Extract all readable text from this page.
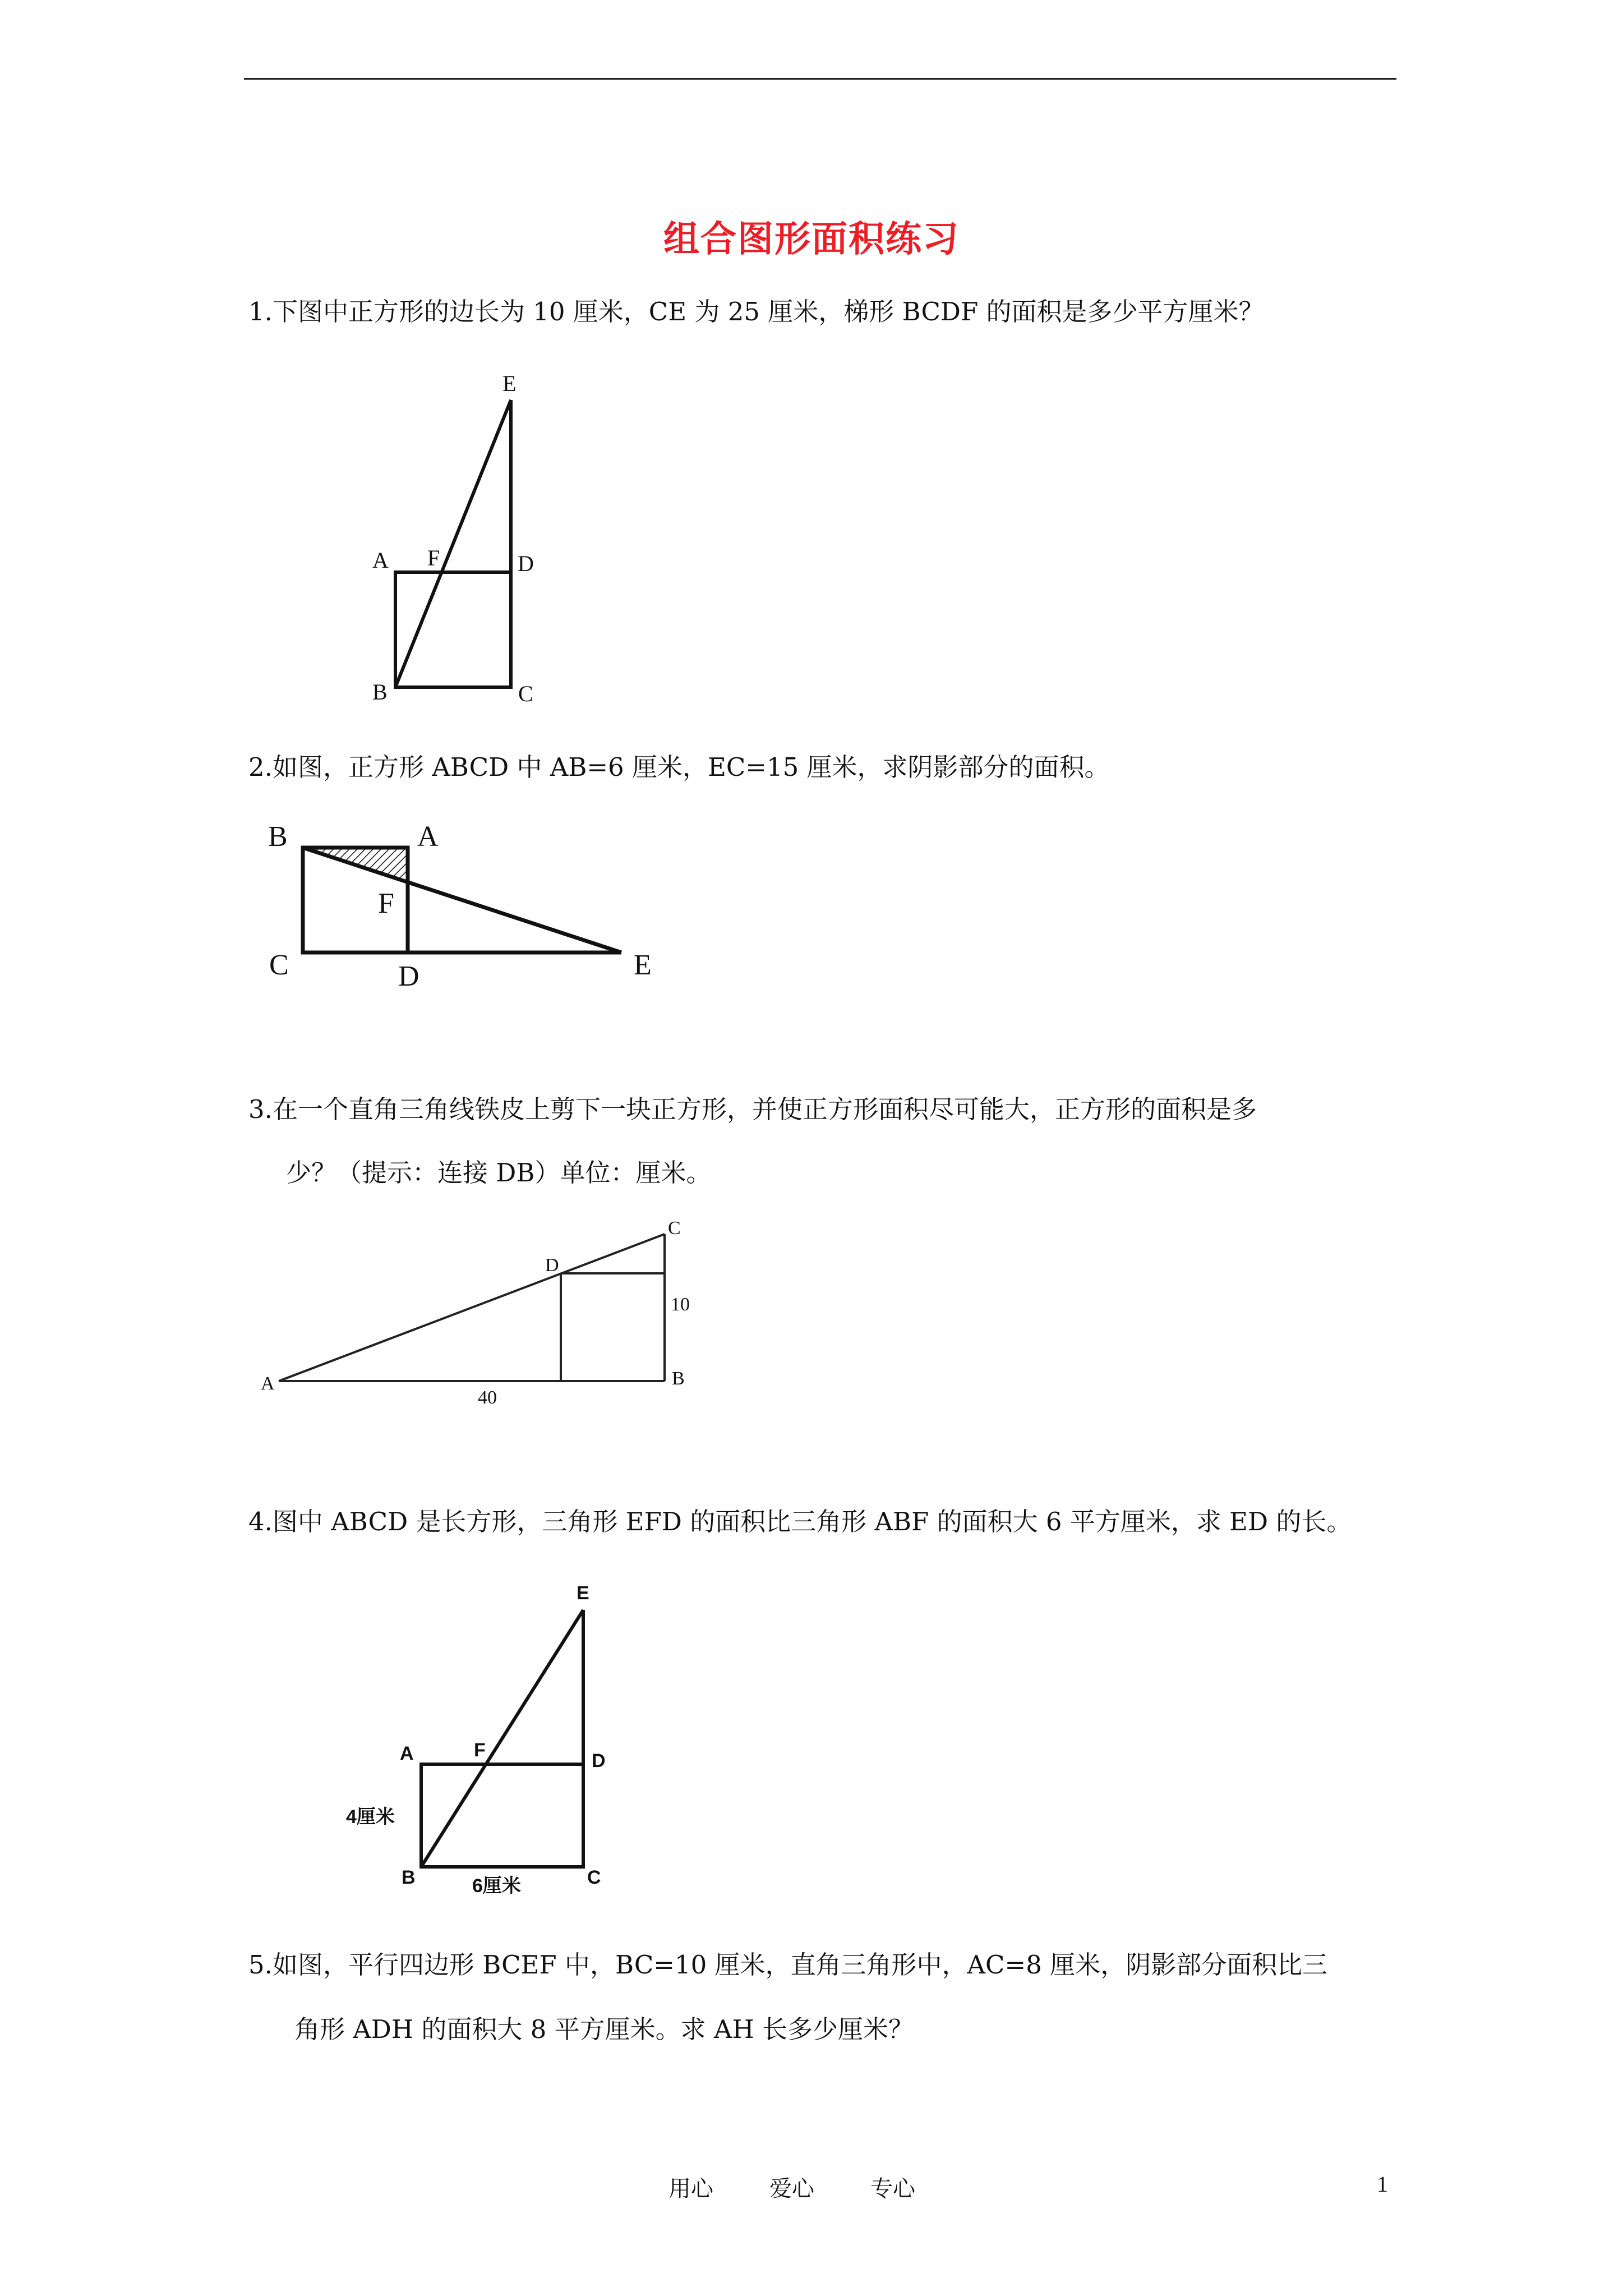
组合图形面积练习
1.下图中正方形的边长为 10 厘米，CE 为 25 厘米，梯形 BCDF 的面积是多少平方厘米？
E
A F	D
B	C
2.如图，正方形 ABCD 中 AB=6 厘米，EC=15 厘米，求阴影部分的面积。
B	A
F
C	D	E
3.在一个直角三角线铁皮上剪下一块正方形，并使正方形面积尽可能大，正方形的面积是多
少？（提示：连接 DB）单位：厘米。
C
D
A	B
10
40
4.图中 ABCD 是长方形，三角形 EFD 的面积比三角形 ABF 的面积大 6 平方厘米，求 ED 的长。
E
A	F	D
B	C
4厘米
6厘米
5.如图，平行四边形 BCEF 中，BC=10 厘米，直角三角形中，AC=8 厘米，阴影部分面积比三
角形 ADH 的面积大 8 平方厘米。求 AH 长多少厘米？
用心	爱心	专心	1
